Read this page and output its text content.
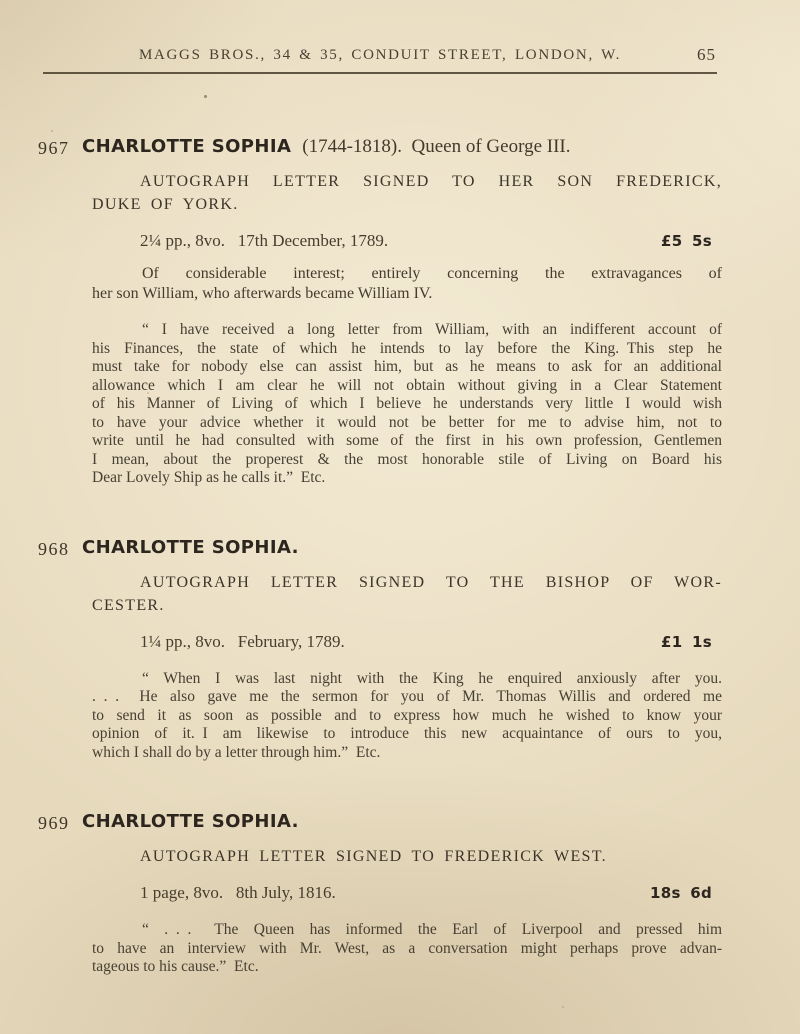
MAGGS BROS., 34 & 35, CONDUIT STREET, LONDON, W.	65
967 CHARLOTTE SOPHIA (1744-1818). Queen of George III.
AUTOGRAPH LETTER SIGNED TO HER SON FREDERICK,
DUKE OF YORK.
2¼ pp., 8vo.  17th December, 1789.	£5 5s
Of considerable interest; entirely concerning the extravagances of
her son William, who afterwards became William IV.
“ I have received a long letter from William, with an indifferent account of
his Finances, the state of which he intends to lay before the King. This step he
must take for nobody else can assist him, but as he means to ask for an additional
allowance which I am clear he will not obtain without giving in a Clear Statement
of his Manner of Living of which I believe he understands very little I would wish
to have your advice whether it would not be better for me to advise him, not to
write until he had consulted with some of the first in his own profession, Gentlemen
I mean, about the properest & the most honorable stile of Living on Board his
Dear Lovely Ship as he calls it.” Etc.
968 CHARLOTTE SOPHIA.
AUTOGRAPH LETTER SIGNED TO THE BISHOP OF WOR-
CESTER.
1¼ pp., 8vo.  February, 1789.	£1 1s
“ When I was last night with the King he enquired anxiously after you.
. . .  He also gave me the sermon for you of Mr. Thomas Willis and ordered me
to send it as soon as possible and to express how much he wished to know your
opinion of it. I am likewise to introduce this new acquaintance of ours to you,
which I shall do by a letter through him.” Etc.
969 CHARLOTTE SOPHIA.
AUTOGRAPH LETTER SIGNED TO FREDERICK WEST.
1 page, 8vo.  8th July, 1816.	18s 6d
“ . . .  The Queen has informed the Earl of Liverpool and pressed him
to have an interview with Mr. West, as a conversation might perhaps prove advan-
tageous to his cause.” Etc.
